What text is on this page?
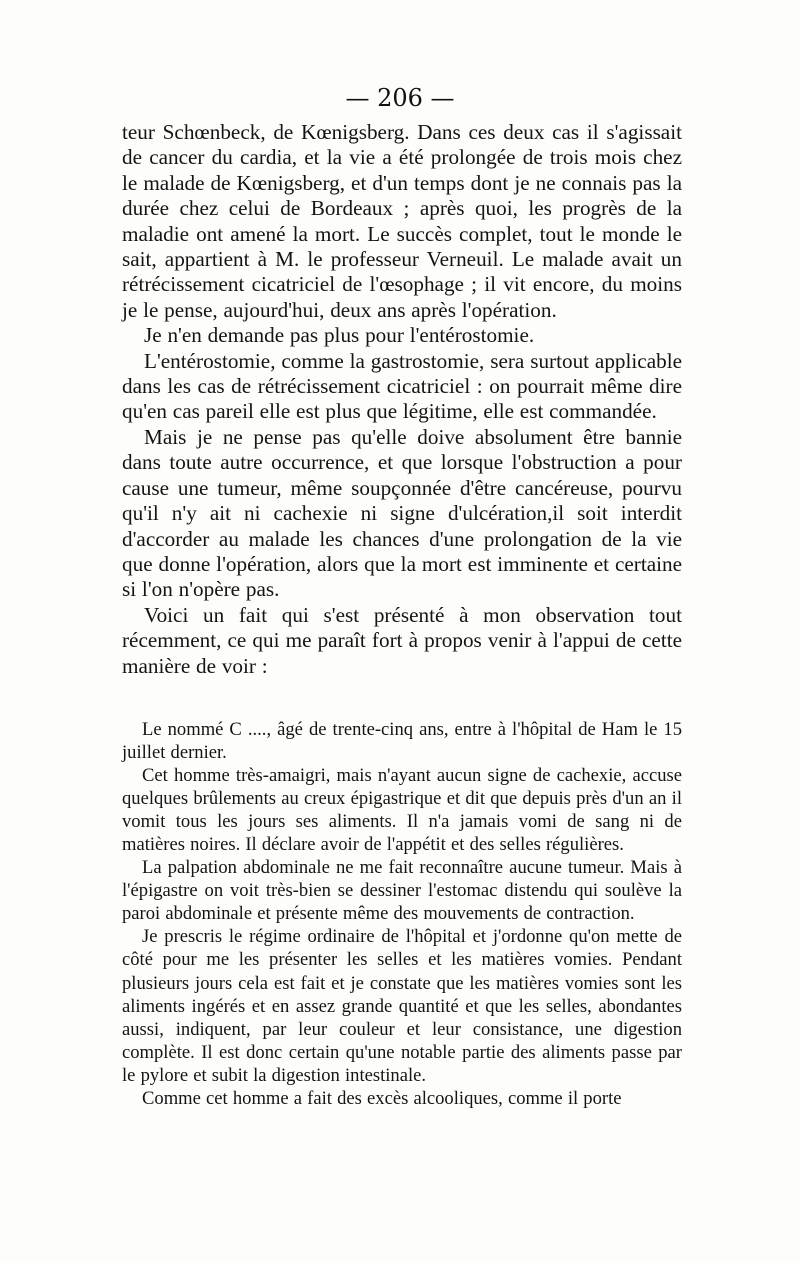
— 206 —

teur Schœnbeck, de Kœnigsberg. Dans ces deux cas il s'agissait de cancer du cardia, et la vie a été prolongée de trois mois chez le malade de Kœnigsberg, et d'un temps dont je ne connais pas la durée chez celui de Bordeaux ; après quoi, les progrès de la maladie ont amené la mort. Le succès complet, tout le monde le sait, appartient à M. le professeur Verneuil. Le malade avait un rétrécissement cicatriciel de l'œsophage ; il vit encore, du moins je le pense, aujourd'hui, deux ans après l'opération.

Je n'en demande pas plus pour l'entérostomie.

L'entérostomie, comme la gastrostomie, sera surtout applicable dans les cas de rétrécissement cicatriciel : on pourrait même dire qu'en cas pareil elle est plus que légitime, elle est commandée.

Mais je ne pense pas qu'elle doive absolument être bannie dans toute autre occurrence, et que lorsque l'obstruction a pour cause une tumeur, même soupçonnée d'être cancéreuse, pourvu qu'il n'y ait ni cachexie ni signe d'ulcération,il soit interdit d'accorder au malade les chances d'une prolongation de la vie que donne l'opération, alors que la mort est imminente et certaine si l'on n'opère pas.

Voici un fait qui s'est présenté à mon observation tout récemment, ce qui me paraît fort à propos venir à l'appui de cette manière de voir :

Le nommé C ...., âgé de trente-cinq ans, entre à l'hôpital de Ham le 15 juillet dernier.

Cet homme très-amaigri, mais n'ayant aucun signe de cachexie, accuse quelques brûlements au creux épigastrique et dit que depuis près d'un an il vomit tous les jours ses aliments. Il n'a jamais vomi de sang ni de matières noires. Il déclare avoir de l'appétit et des selles régulières.

La palpation abdominale ne me fait reconnaître aucune tumeur. Mais à l'épigastre on voit très-bien se dessiner l'estomac distendu qui soulève la paroi abdominale et présente même des mouvements de contraction.

Je prescris le régime ordinaire de l'hôpital et j'ordonne qu'on mette de côté pour me les présenter les selles et les matières vomies. Pendant plusieurs jours cela est fait et je constate que les matières vomies sont les aliments ingérés et en assez grande quantité et que les selles, abondantes aussi, indiquent, par leur couleur et leur consistance, une digestion complète. Il est donc certain qu'une notable partie des aliments passe par le pylore et subit la digestion intestinale.

Comme cet homme a fait des excès alcooliques, comme il porte
